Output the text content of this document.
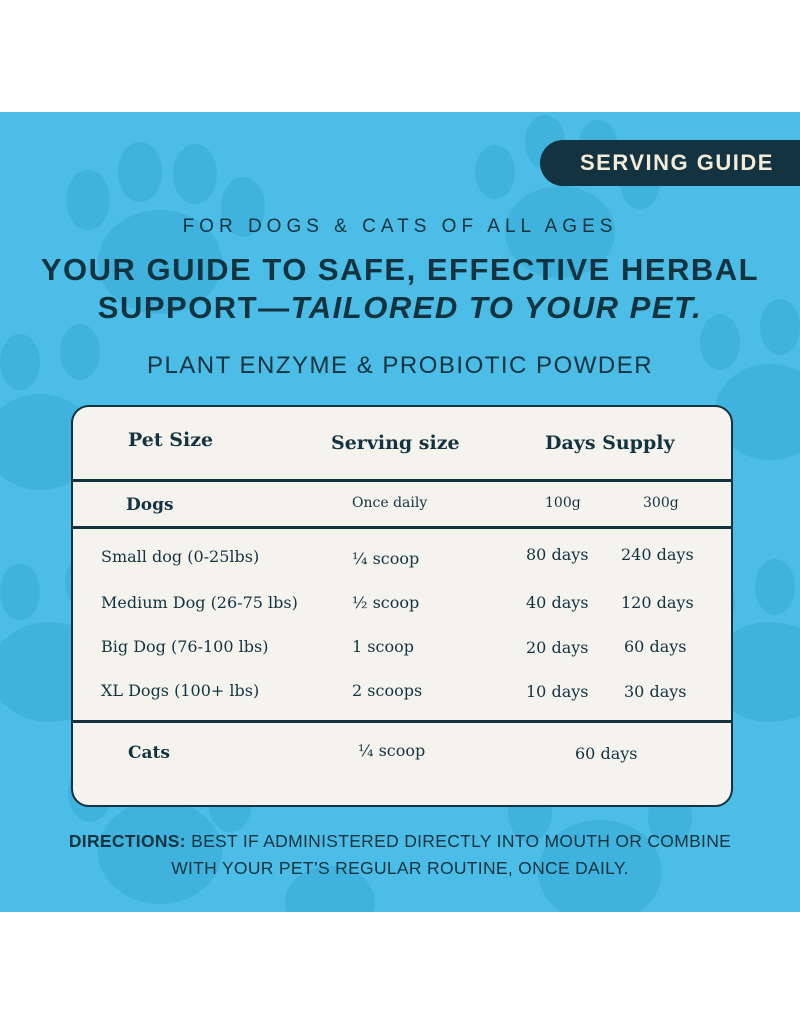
SERVING GUIDE
FOR DOGS & CATS OF ALL AGES
YOUR GUIDE TO SAFE, EFFECTIVE HERBAL
SUPPORT—TAILORED TO YOUR PET.
PLANT ENZYME & PROBIOTIC POWDER
Pet Size	Serving size	Days Supply
Dogs	Once daily	100g	300g
Small dog (0-25lbs)	¼ scoop	80 days 240 days
Medium Dog (26-75 lbs)	½ scoop	40 days 120 days
Big Dog (76-100 lbs)	1 scoop	20 days 60 days
XL Dogs (100+ lbs)	2 scoops	10 days 30 days
Cats	¼ scoop	60 days
DIRECTIONS: BEST IF ADMINISTERED DIRECTLY INTO MOUTH OR COMBINE
WITH YOUR PET’S REGULAR ROUTINE, ONCE DAILY.
